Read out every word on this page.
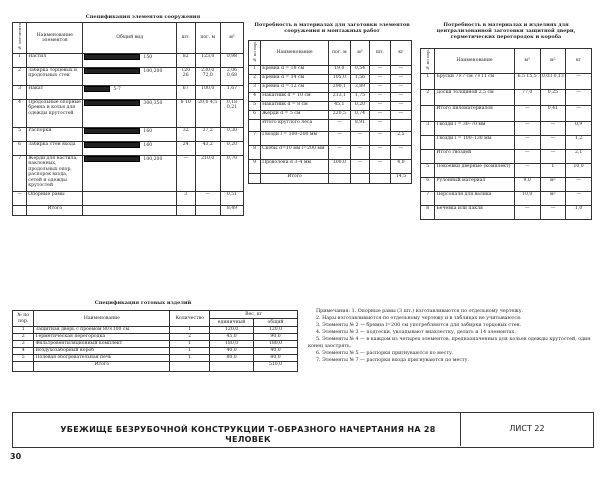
Спецификация элементов сооружения
№ эле-мента	Наименование элементов	Общий вид	шт.	пог. м	м³
1	Настил	150	82	123,0	0,98
2	Забирка торцевых и продольных стен	100,200	120 26	230,0 72,0	2,06 0,68
3	Накат	5-7	67	100,0	1,67
4	Продольные опорные бревна и колья для одежды крутостей	300,350	8 10	20,0 4,5	0,18 0,21
5	Распорки	160	32	37,2	0,30
6	Забирка стен входа	160	24	43,2	0,20
7	Жерди для настила, наклонных, продольных опор, распорок входа, сетей и одежды крутостей	100,200	—	210,0	0,70
—	Опорные рамы		3	—	0,51
	Итого				8,49
Потребность в материалах для заготовки элементов сооружения и монтажных работ
№ по пор.	Наименование	пог. м	м³	шт.	кг
1	Бревна d = 18 см	19,0	0,54	—	—
2	Бревна d = 14 см	105,0	1,56	—	—
3	Бревна d = 12 см	290,1	3,89	—	—
4	Накатник d = 10 см	213,1	1,75	—	—
5	Накатник d = 8 см	45,1	0,20	—	—
6	Жерди d = 5 см	220,5	0,74	—	—
	Итого круглого леса	—	8,91	—	
7	Гвозди l = 100–200 мм	—	—	—	2,5
8	Скобы d=10 мм l=200 мм	—	—	—	—
9	Проволока d 3–4 мм	100,0	—	—	4,0
	Итого				14,5
Потребность в материалах и изделиях для централизованной заготовки защитной двери, герметических перегородок и короба
№ по пор.	Наименование	м³	м²	кг
1	Бруски 7×7 см 7×11 см	6,5 15,5	0,03 0,13	—
2	Доски толщиной 2,5 см	77,0	0,25	—
	Итого пиломатериалов	—	0,41	—
3	Гвозди l = 30–70 мм	—	—	0,9
	Гвозди l = 100–130 мм	—	—	1,2
	Итого гвоздей	—	—	2,1
5	Покоевки дверные (комплект)	—	1	10,0
6	Рулонный материал	9,0	м²	—
7	Персоналя для валика	10,0	м²	—
8	Бечевка или пакля	—	—	1,0
Спецификация готовых изделий
№ по пор.	Наименование	Количество	Вес, кг	
			единичный	общий
1	Защитная дверь с проемом 80×100 см	1	120,0	120,0
2	Герметическая перегородка	2	45,0	90,0
3	Фильтровентиляционный комплект	1	180,0	180,0
4	Воздухозаборный короб	1	40,0	40,0
5	Полевая обогревательная печь	1	80,0	80,0
	Итого			510,0
Примечания: 1. Опорные рамы (3 шт.) изготавливаются по отдельному чертежу.
2. Нары изготавливаются по отдельному чертежу и в таблицах не учитываются.
3. Элементы № 2 — бревна l=200 см употребляются для забирки торцовых стен.
4. Элементы № 3 — подтески, укладывают внахлестку, делать и 14 элементах.
5. Элементы № 4 — в каждом из четырех элементов, предназначенных для кольев одежды крутостей, один конец заострять.
6. Элементы № 5 — распорки пригнуваются по месту.
7. Элементы № 7 — распорки входа пригнуваются по месту.
УБЕЖИЩЕ БЕЗРУБОЧНОЙ КОНСТРУКЦИИ Т-ОБРАЗНОГО НАЧЕРТАНИЯ НА 28 ЧЕЛОВЕК
ЛИСТ 22
30
